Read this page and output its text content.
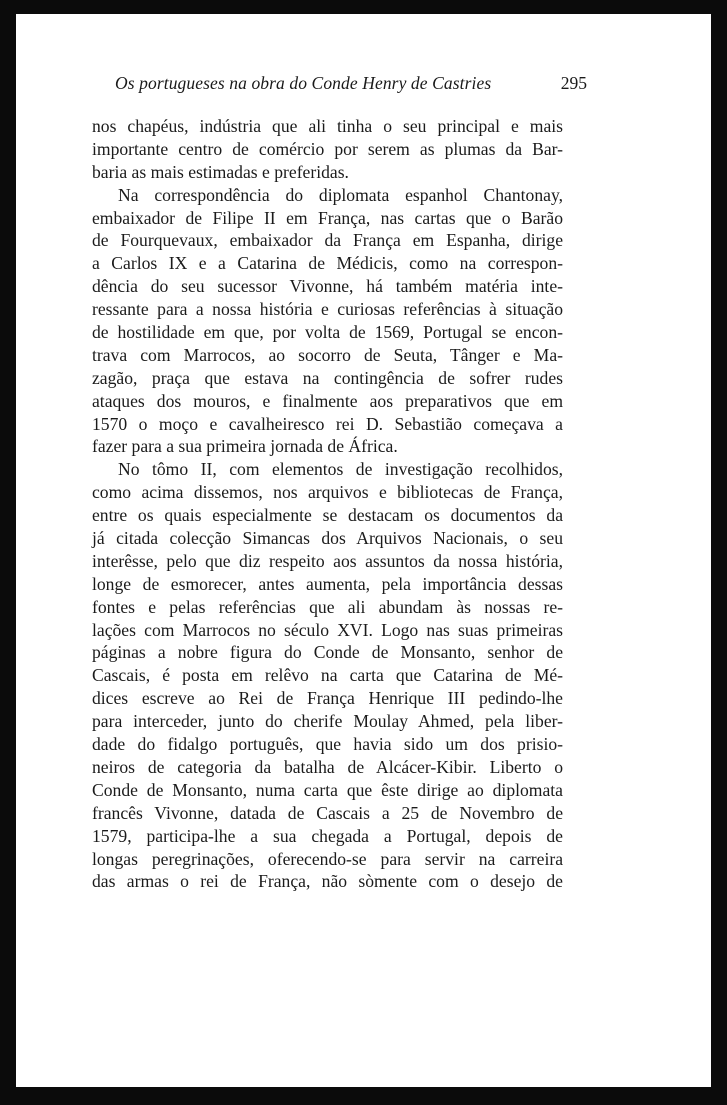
Os portugueses na obra do Conde Henry de Castries	295
nos chapéus, indústria que ali tinha o seu principal e mais
importante centro de comércio por serem as plumas da Bar-
baria as mais estimadas e preferidas.
Na correspondência do diplomata espanhol Chantonay,
embaixador de Filipe II em França, nas cartas que o Barão
de Fourquevaux, embaixador da França em Espanha, dirige
a Carlos IX e a Catarina de Médicis, como na correspon-
dência do seu sucessor Vivonne, há também matéria inte-
ressante para a nossa história e curiosas referências à situação
de hostilidade em que, por volta de 1569, Portugal se encon-
trava com Marrocos, ao socorro de Seuta, Tânger e Ma-
zagão, praça que estava na contingência de sofrer rudes
ataques dos mouros, e finalmente aos preparativos que em
1570 o moço e cavalheiresco rei D. Sebastião começava a
fazer para a sua primeira jornada de África.
No tômo II, com elementos de investigação recolhidos,
como acima dissemos, nos arquivos e bibliotecas de França,
entre os quais especialmente se destacam os documentos da
já citada colecção Simancas dos Arquivos Nacionais, o seu
interêsse, pelo que diz respeito aos assuntos da nossa história,
longe de esmorecer, antes aumenta, pela importância dessas
fontes e pelas referências que ali abundam às nossas re-
lações com Marrocos no século XVI. Logo nas suas primeiras
páginas a nobre figura do Conde de Monsanto, senhor de
Cascais, é posta em relêvo na carta que Catarina de Mé-
dices escreve ao Rei de França Henrique III pedindo-lhe
para interceder, junto do cherife Moulay Ahmed, pela liber-
dade do fidalgo português, que havia sido um dos prisio-
neiros de categoria da batalha de Alcácer-Kibir. Liberto o
Conde de Monsanto, numa carta que êste dirige ao diplomata
francês Vivonne, datada de Cascais a 25 de Novembro de
1579, participa-lhe a sua chegada a Portugal, depois de
longas peregrinações, oferecendo-se para servir na carreira
das armas o rei de França, não sòmente com o desejo de
